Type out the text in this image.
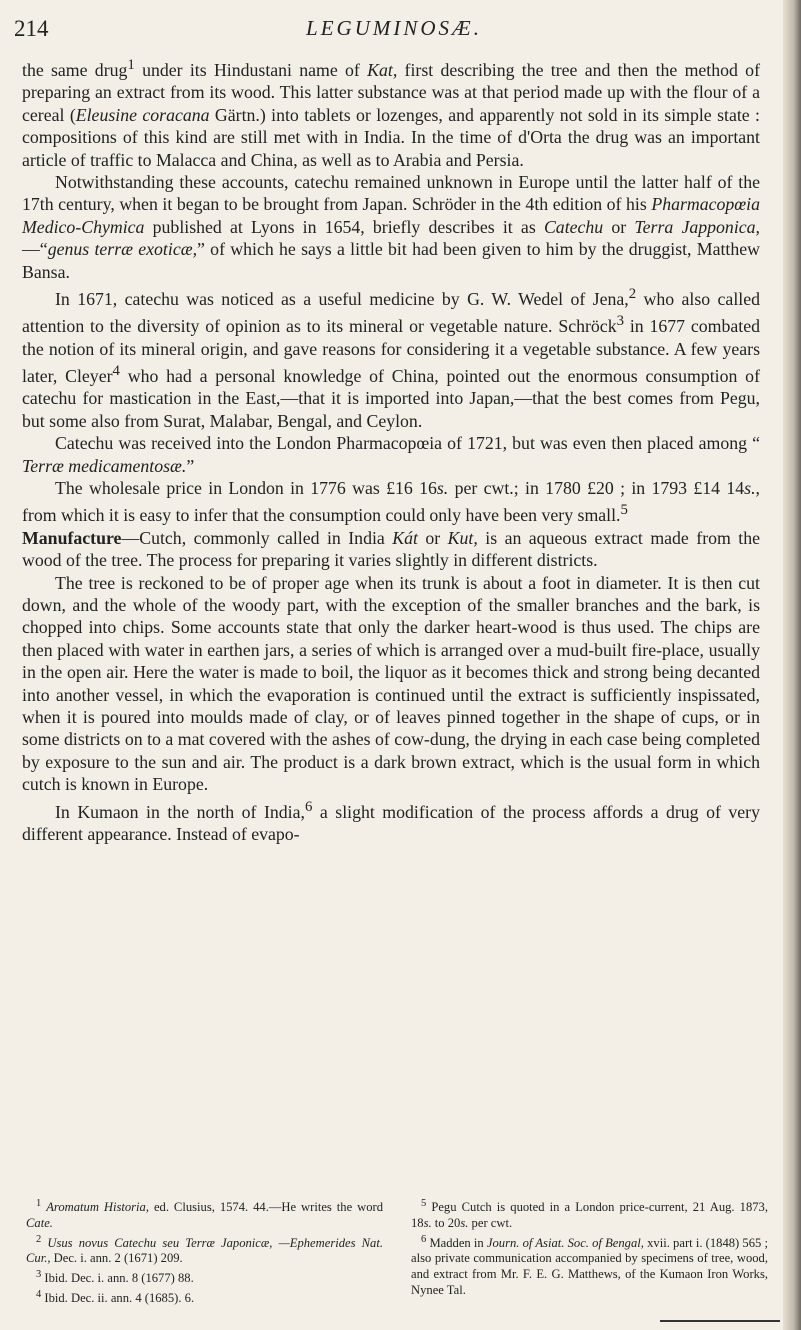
214	LEGUMINOSÆ.

the same drug$^1$ under its Hindustani name of Kat, first describing the tree and then the method of preparing an extract from its wood. This latter substance was at that period made up with the flour of a cereal (Eleusine coracana Gärtn.) into tablets or lozenges, and apparently not sold in its simple state : compositions of this kind are still met with in India. In the time of d'Orta the drug was an important article of traffic to Malacca and China, as well as to Arabia and Persia.

Notwithstanding these accounts, catechu remained unknown in Europe until the latter half of the 17th century, when it began to be brought from Japan. Schröder in the 4th edition of his Pharmacopœia Medico-Chymica published at Lyons in 1654, briefly describes it as Catechu or Terra Japponica,—“genus terræ exoticæ,” of which he says a little bit had been given to him by the druggist, Matthew Bansa.

In 1671, catechu was noticed as a useful medicine by G. W. Wedel of Jena,$^2$ who also called attention to the diversity of opinion as to its mineral or vegetable nature. Schröck$^3$ in 1677 combated the notion of its mineral origin, and gave reasons for considering it a vegetable substance. A few years later, Cleyer$^4$ who had a personal knowledge of China, pointed out the enormous consumption of catechu for mastication in the East,—that it is imported into Japan,—that the best comes from Pegu, but some also from Surat, Malabar, Bengal, and Ceylon.

Catechu was received into the London Pharmacopœia of 1721, but was even then placed among “ Terræ medicamentosæ.”

The wholesale price in London in 1776 was £16 16s. per cwt.; in 1780 £20 ; in 1793 £14 14s., from which it is easy to infer that the consumption could only have been very small.$^5$

Manufacture—Cutch, commonly called in India Kát or Kut, is an aqueous extract made from the wood of the tree. The process for preparing it varies slightly in different districts.

The tree is reckoned to be of proper age when its trunk is about a foot in diameter. It is then cut down, and the whole of the woody part, with the exception of the smaller branches and the bark, is chopped into chips. Some accounts state that only the darker heart-wood is thus used. The chips are then placed with water in earthen jars, a series of which is arranged over a mud-built fire-place, usually in the open air. Here the water is made to boil, the liquor as it becomes thick and strong being decanted into another vessel, in which the evaporation is continued until the extract is sufficiently inspissated, when it is poured into moulds made of clay, or of leaves pinned together in the shape of cups, or in some districts on to a mat covered with the ashes of cow-dung, the drying in each case being completed by exposure to the sun and air. The product is a dark brown extract, which is the usual form in which cutch is known in Europe.

In Kumaon in the north of India,$^6$ a slight modification of the process affords a drug of very different appearance. Instead of evapo-

$^1$ Aromatum Historia, ed. Clusius, 1574. 44.—He writes the word Cate.

$^2$ Usus novus Catechu seu Terræ Japonicæ, —Ephemerides Nat. Cur., Dec. i. ann. 2 (1671) 209.

$^3$ Ibid. Dec. i. ann. 8 (1677) 88.

$^4$ Ibid. Dec. ii. ann. 4 (1685). 6.

$^5$ Pegu Cutch is quoted in a London price-current, 21 Aug. 1873, 18s. to 20s. per cwt.

$^6$ Madden in Journ. of Asiat. Soc. of Bengal, xvii. part i. (1848) 565 ; also private communication accompanied by specimens of tree, wood, and extract from Mr. F. E. G. Matthews, of the Kumaon Iron Works, Nynee Tal.
